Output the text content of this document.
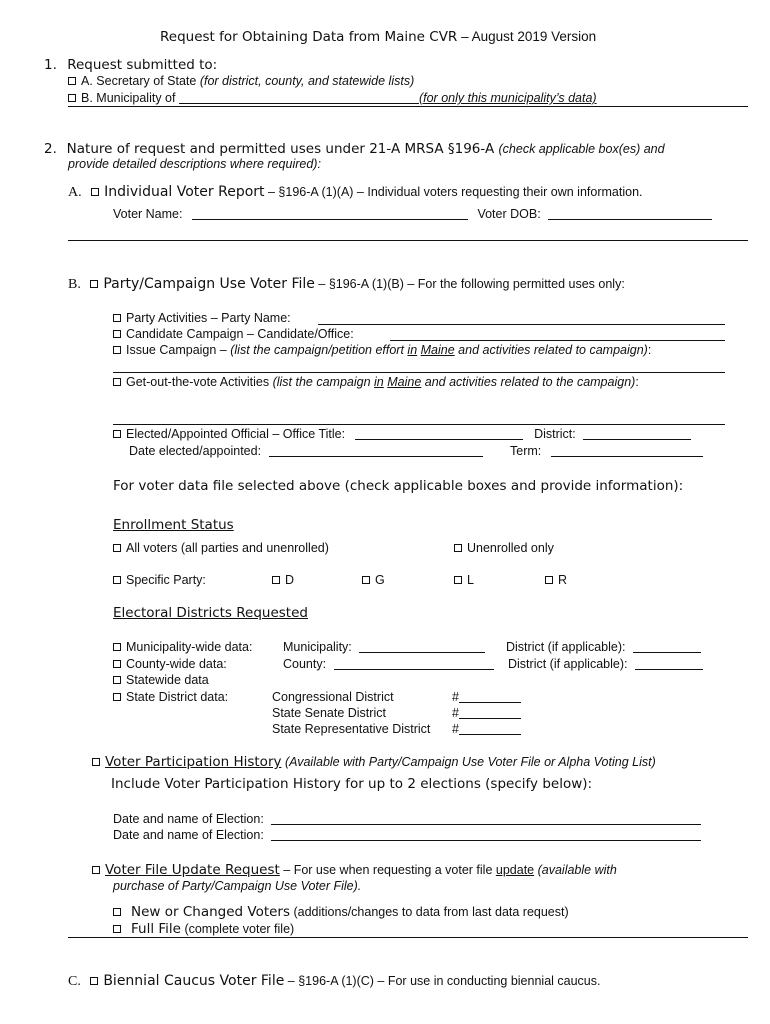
Request for Obtaining Data from Maine CVR – August 2019 Version
1. Request submitted to:
A. Secretary of State (for district, county, and statewide lists)
B. Municipality of	(for only this municipality’s data)
2. Nature of request and permitted uses under 21-A MRSA §196-A (check applicable box(es) and
provide detailed descriptions where required):
A. Individual Voter Report – §196-A (1)(A) – Individual voters requesting their own information.
Voter Name:	Voter DOB:
B. Party/Campaign Use Voter File – §196-A (1)(B) – For the following permitted uses only:
Party Activities – Party Name:
Candidate Campaign – Candidate/Office:
Issue Campaign – (list the campaign/petition effort in Maine and activities related to campaign):
Get-out-the-vote Activities (list the campaign in Maine and activities related to the campaign):
Elected/Appointed Official – Office Title:	District:
Date elected/appointed:	Term:
For voter data file selected above (check applicable boxes and provide information):
Enrollment Status
All voters (all parties and unenrolled)	Unenrolled only
Specific Party:	D	G	L	R
Electoral Districts Requested
Municipality-wide data: Municipality:	District (if applicable):
County-wide data:	County:	District (if applicable):
Statewide data
State District data:	Congressional District	#
State Senate District	#
State Representative District #
Voter Participation History (Available with Party/Campaign Use Voter File or Alpha Voting List)
Include Voter Participation History for up to 2 elections (specify below):
Date and name of Election:
Date and name of Election:
Voter File Update Request – For use when requesting a voter file update (available with
purchase of Party/Campaign Use Voter File).
New or Changed Voters (additions/changes to data from last data request)
Full File (complete voter file)
C. Biennial Caucus Voter File – §196-A (1)(C) – For use in conducting biennial caucus.
